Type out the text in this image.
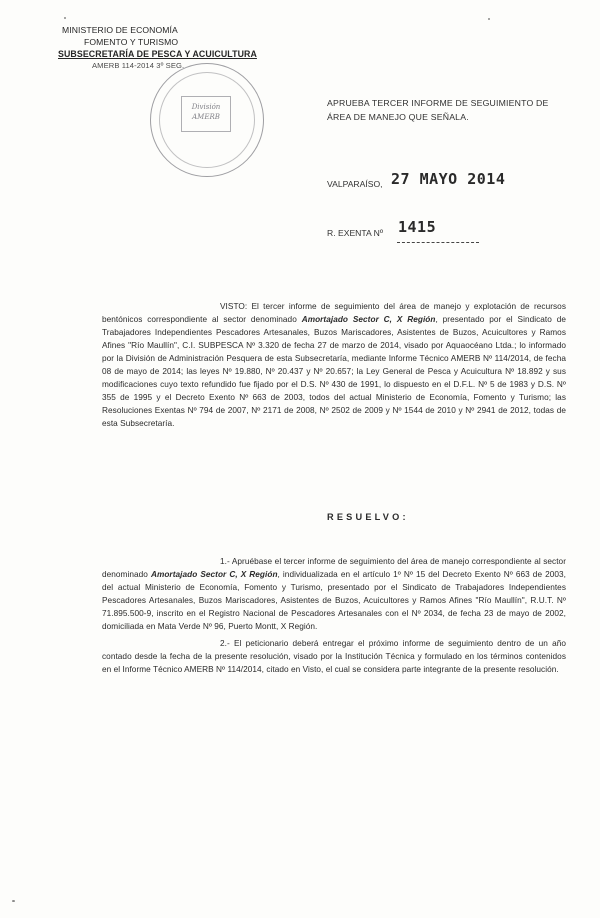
MINISTERIO DE ECONOMÍA
FOMENTO Y TURISMO
SUBSECRETARÍA DE PESCA Y ACUICULTURA
AMERB 114-2014 3º SEG.
División
AMERB
APRUEBA TERCER INFORME DE SEGUIMIENTO DE ÁREA DE MANEJO QUE SEÑALA.
VALPARAÍSO, 27 MAYO 2014
R. EXENTA Nº 1415
VISTO: El tercer informe de seguimiento del área de manejo y explotación de recursos bentónicos correspondiente al sector denominado Amortajado Sector C, X Región, presentado por el Sindicato de Trabajadores Independientes Pescadores Artesanales, Buzos Mariscadores, Asistentes de Buzos, Acuicultores y Ramos Afines "Río Maullín", C.I. SUBPESCA Nº 3.320 de fecha 27 de marzo de 2014, visado por Aquaocéano Ltda.; lo informado por la División de Administración Pesquera de esta Subsecretaría, mediante Informe Técnico AMERB Nº 114/2014, de fecha 08 de mayo de 2014; las leyes Nº 19.880, Nº 20.437 y Nº 20.657; la Ley General de Pesca y Acuicultura Nº 18.892 y sus modificaciones cuyo texto refundido fue fijado por el D.S. Nº 430 de 1991, lo dispuesto en el D.F.L. Nº 5 de 1983 y D.S. Nº 355 de 1995 y el Decreto Exento Nº 663 de 2003, todos del actual Ministerio de Economía, Fomento y Turismo; las Resoluciones Exentas Nº 794 de 2007, Nº 2171 de 2008, Nº 2502 de 2009 y Nº 1544 de 2010 y Nº 2941 de 2012, todas de esta Subsecretaría.
RESUELVO:
1.- Apruébase el tercer informe de seguimiento del área de manejo correspondiente al sector denominado Amortajado Sector C, X Región, individualizada en el artículo 1º Nº 15 del Decreto Exento Nº 663 de 2003, del actual Ministerio de Economía, Fomento y Turismo, presentado por el Sindicato de Trabajadores Independientes Pescadores Artesanales, Buzos Mariscadores, Asistentes de Buzos, Acuicultores y Ramos Afines "Río Maullín", R.U.T. Nº 71.895.500-9, inscrito en el Registro Nacional de Pescadores Artesanales con el Nº 2034, de fecha 23 de mayo de 2002, domiciliada en Mata Verde Nº 96, Puerto Montt, X Región.
2.- El peticionario deberá entregar el próximo informe de seguimiento dentro de un año contado desde la fecha de la presente resolución, visado por la Institución Técnica y formulado en los términos contenidos en el Informe Técnico AMERB Nº 114/2014, citado en Visto, el cual se considera parte integrante de la presente resolución.
